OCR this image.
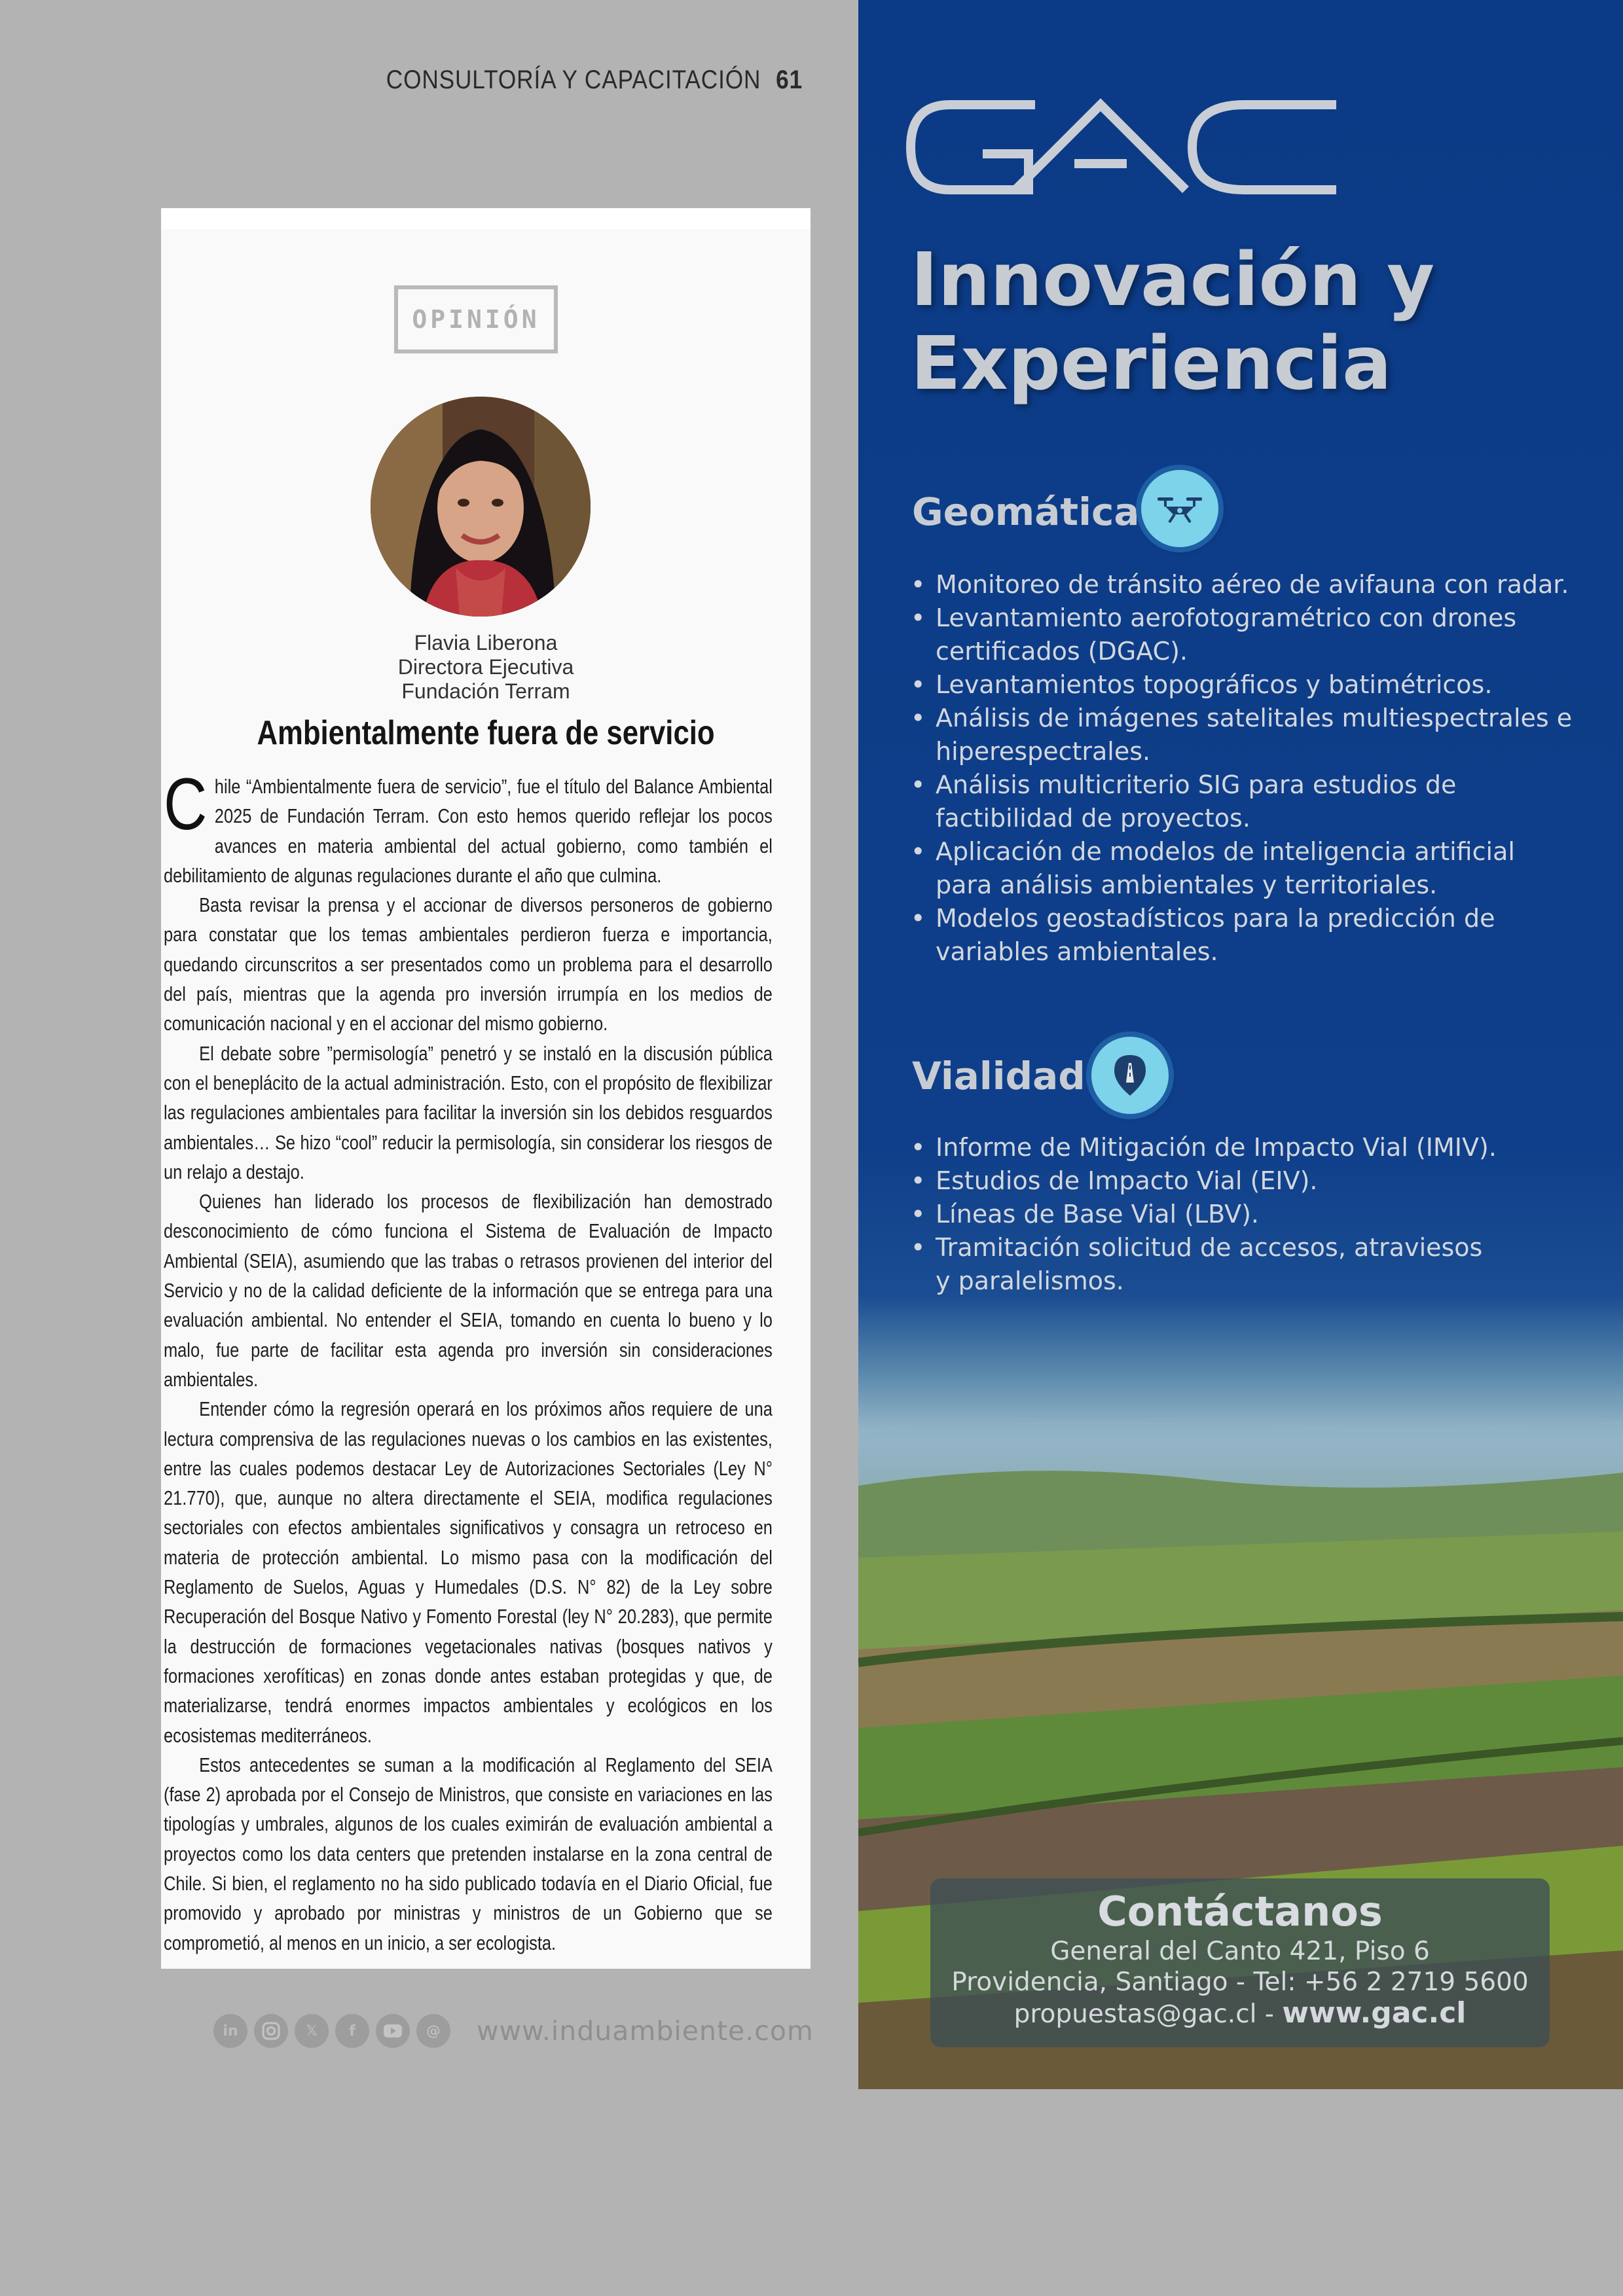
CONSULTORÍA Y CAPACITACIÓN 61

OPINIÓN
Flavia Liberona
Directora Ejecutiva
Fundación Terram
Ambientalmente fuera de servicio

Chile “Ambientalmente fuera de servicio”, fue el título del Balance Ambiental 2025 de Fundación Terram. Con esto hemos querido reflejar los pocos avances en materia ambiental del actual gobierno, como también el debilitamiento de algunas regulaciones durante el año que culmina.

Basta revisar la prensa y el accionar de diversos personeros de gobierno para constatar que los temas ambientales perdieron fuerza e importancia, quedando circunscritos a ser presentados como un problema para el desarrollo del país, mientras que la agenda pro inversión irrumpía en los medios de comunicación nacional y en el accionar del mismo gobierno.

El debate sobre ”permisología” penetró y se instaló en la discusión pública con el beneplácito de la actual administración. Esto, con el propósito de flexibilizar las regulaciones ambientales para facilitar la inversión sin los debidos resguardos ambientales… Se hizo “cool” reducir la permisología, sin considerar los riesgos de un relajo a destajo.

Quienes han liderado los procesos de flexibilización han demostrado desconocimiento de cómo funciona el Sistema de Evaluación de Impacto Ambiental (SEIA), asumiendo que las trabas o retrasos provienen del interior del Servicio y no de la calidad deficiente de la información que se entrega para una evaluación ambiental. No entender el SEIA, tomando en cuenta lo bueno y lo malo, fue parte de facilitar esta agenda pro inversión sin consideraciones ambientales.

Entender cómo la regresión operará en los próximos años requiere de una lectura comprensiva de las regulaciones nuevas o los cambios en las existentes, entre las cuales podemos destacar Ley de Autorizaciones Sectoriales (Ley N° 21.770), que, aunque no altera directamente el SEIA, modifica regulaciones sectoriales con efectos ambientales significativos y consagra un retroceso en materia de protección ambiental. Lo mismo pasa con la modificación del Reglamento de Suelos, Aguas y Humedales (D.S. N° 82) de la Ley sobre Recuperación del Bosque Nativo y Fomento Forestal (ley N° 20.283), que permite la destrucción de formaciones vegetacionales nativas (bosques nativos y formaciones xerofíticas) en zonas donde antes estaban protegidas y que, de materializarse, tendrá enormes impactos ambientales y ecológicos en los ecosistemas mediterráneos.

Estos antecedentes se suman a la modificación al Reglamento del SEIA (fase 2) aprobada por el Consejo de Ministros, que consiste en variaciones en las tipologías y umbrales, algunos de los cuales eximirán de evaluación ambiental a proyectos como los data centers que pretenden instalarse en la zona central de Chile. Si bien, el reglamento no ha sido publicado todavía en el Diario Oficial, fue promovido y aprobado por ministras y ministros de un Gobierno que se comprometió, al menos en un inicio, a ser ecologista.

in	𝕏	f	@	www.induambiente.com
Innovación y
Experiencia
Geomática
• Monitoreo de tránsito aéreo de avifauna con radar.
• Levantamiento aerofotogramétrico con drones
certificados (DGAC).
• Levantamientos topográficos y batimétricos.
• Análisis de imágenes satelitales multiespectrales e
hiperespectrales.
• Análisis multicriterio SIG para estudios de
factibilidad de proyectos.
• Aplicación de modelos de inteligencia artificial
para análisis ambientales y territoriales.
• Modelos geostadísticos para la predicción de
variables ambientales.
Vialidad
• Informe de Mitigación de Impacto Vial (IMIV).
• Estudios de Impacto Vial (EIV).
• Líneas de Base Vial (LBV).
• Tramitación solicitud de accesos, atraviesos
y paralelismos.

Contáctanos

General del Canto 421, Piso 6

Providencia, Santiago - Tel: +56 2 2719 5600

propuestas@gac.cl - www.gac.cl
